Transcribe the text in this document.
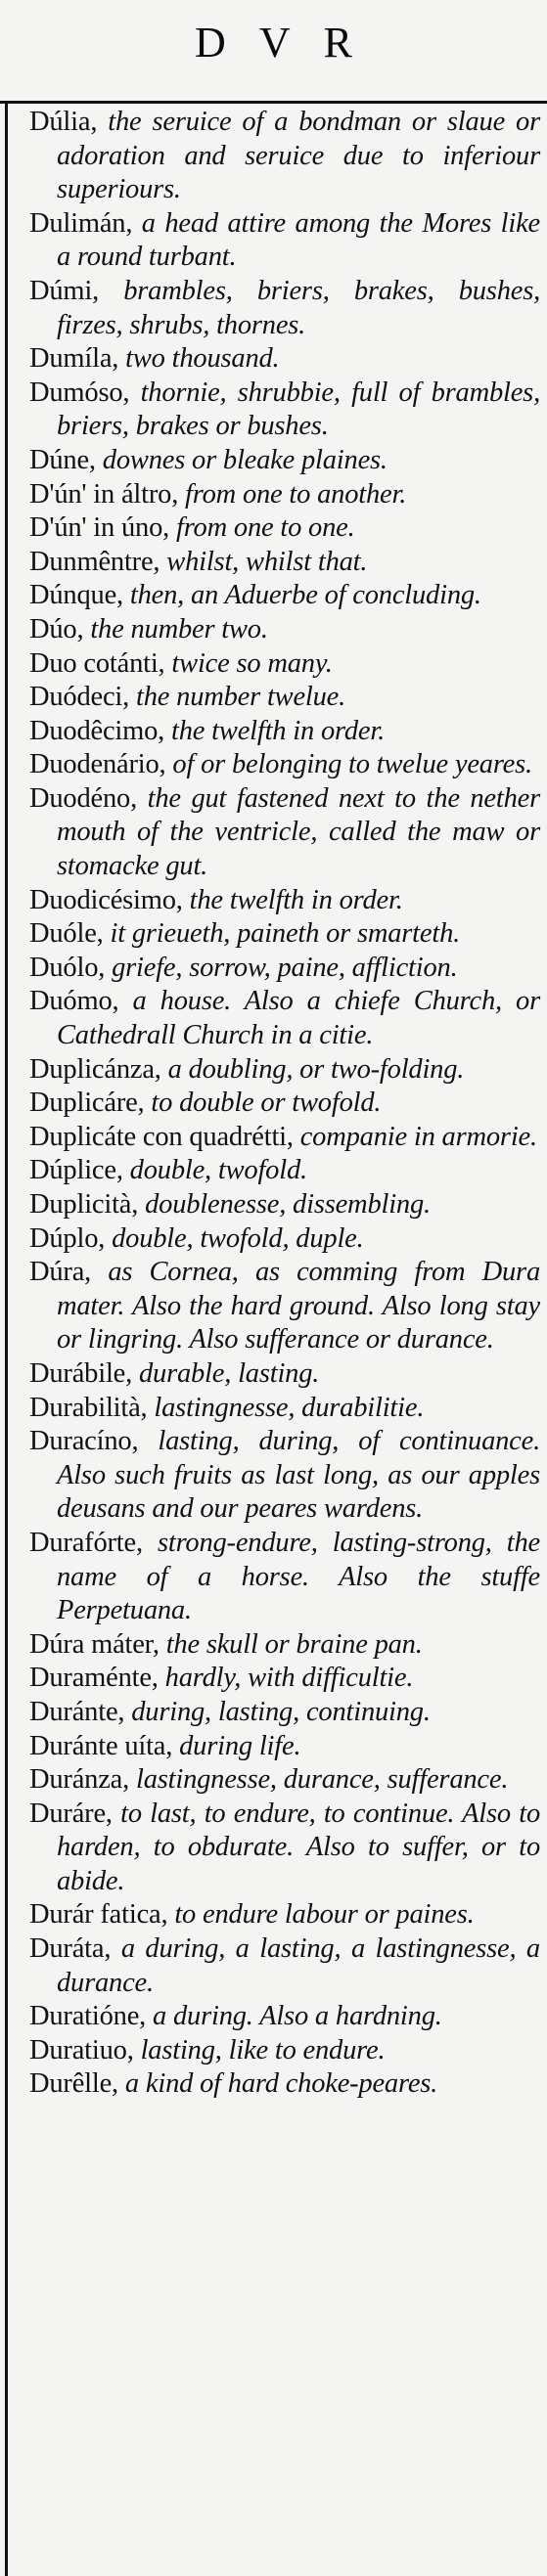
DVR
Dúlia, the seruice of a bondman or slaue or adoration and seruice due to inferiour superiours.
Dulimán, a head attire among the Mores like a round turbant.
Dúmi, brambles, briers, brakes, bushes, firzes, shrubs, thornes.
Dumíla, two thousand.
Dumóso, thornie, shrubbie, full of brambles, briers, brakes or bushes.
Dúne, downes or bleake plaines.
D'ún' in áltro, from one to another.
D'ún' in úno, from one to one.
Dunmêntre, whilst, whilst that.
Dúnque, then, an Aduerbe of concluding.
Dúo, the number two.
Duo cotánti, twice so many.
Duódeci, the number twelue.
Duodêcimo, the twelfth in order.
Duodenário, of or belonging to twelue yeares.
Duodéno, the gut fastened next to the nether mouth of the ventricle, called the maw or stomacke gut.
Duodicésimo, the twelfth in order.
Duóle, it grieueth, paineth or smarteth.
Duólo, griefe, sorrow, paine, affliction.
Duómo, a house. Also a chiefe Church, or Cathedrall Church in a citie.
Duplicánza, a doubling, or two-folding.
Duplicáre, to double or twofold.
Duplicáte con quadrétti, companie in armorie.
Dúplice, double, twofold.
Duplicità, doublenesse, dissembling.
Dúplo, double, twofold, duple.
Dúra, as Cornea, as comming from Dura mater. Also the hard ground. Also long stay or lingring. Also sufferance or durance.
Durábile, durable, lasting.
Durabilità, lastingnesse, durabilitie.
Duracíno, lasting, during, of continuance. Also such fruits as last long, as our apples deusans and our peares wardens.
Durafórte, strong-endure, lasting-strong, the name of a horse. Also the stuffe Perpetuana.
Dúra máter, the skull or braine pan.
Duraménte, hardly, with difficultie.
Duránte, during, lasting, continuing.
Duránte uíta, during life.
Duránza, lastingnesse, durance, sufferance.
Duráre, to last, to endure, to continue. Also to harden, to obdurate. Also to suffer, or to abide.
Durár fatica, to endure labour or paines.
Duráta, a during, a lasting, a lastingnesse, a durance.
Duratióne, a during. Also a hardning.
Duratiuo, lasting, like to endure.
Durêlle, a kind of hard choke-peares.
